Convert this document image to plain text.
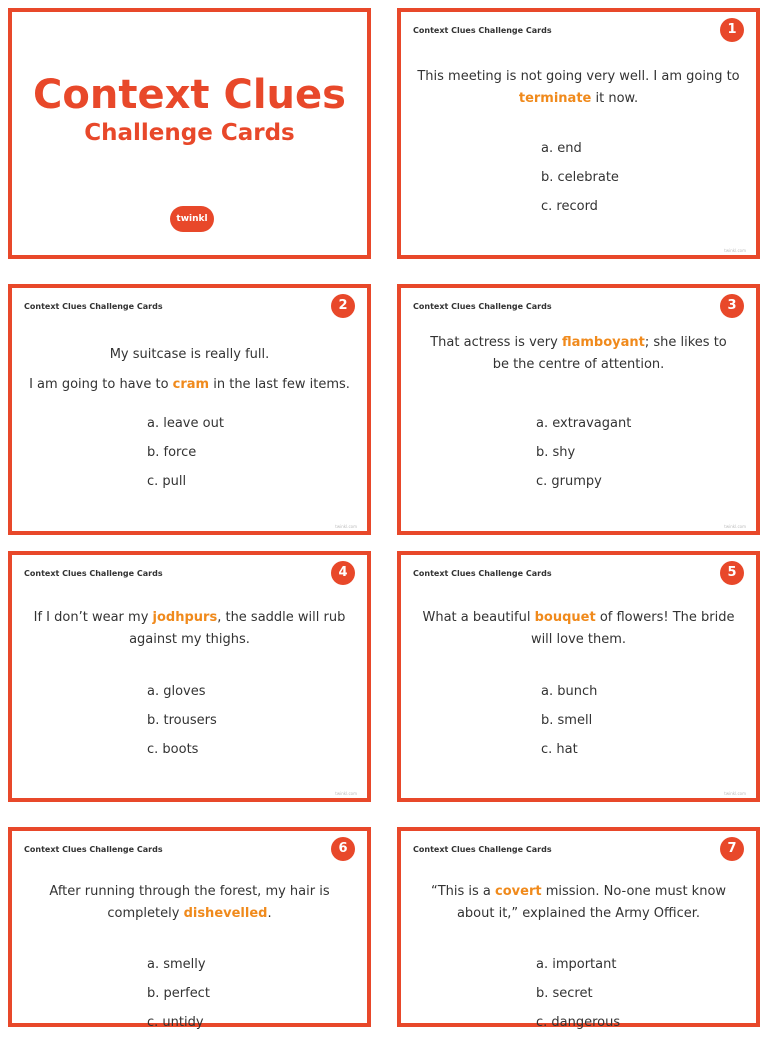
Context Clues
Challenge Cards
twinkl
Context Clues Challenge Cards	1
This meeting is not going very well. I am going to
terminate it now.
a. end
b. celebrate
c. record
twinkl.com
Context Clues Challenge Cards	2
My suitcase is really full.
I am going to have to cram in the last few items.
a. leave out
b. force
c. pull
twinkl.com
Context Clues Challenge Cards	3
That actress is very flamboyant; she likes to be the centre of attention.
a. extravagant
b. shy
c. grumpy
twinkl.com
Context Clues Challenge Cards	4
If I don’t wear my jodhpurs, the saddle will rub against my thighs.
a. gloves
b. trousers
c. boots
twinkl.com
Context Clues Challenge Cards	5
What a beautiful bouquet of flowers! The bride will love them.
a. bunch
b. smell
c. hat
twinkl.com
Context Clues Challenge Cards	6
After running through the forest, my hair is completely dishevelled.
a. smelly
b. perfect
c. untidy
Context Clues Challenge Cards	7
“This is a covert mission. No-one must know about it,” explained the Army Officer.
a. important
b. secret
c. dangerous
